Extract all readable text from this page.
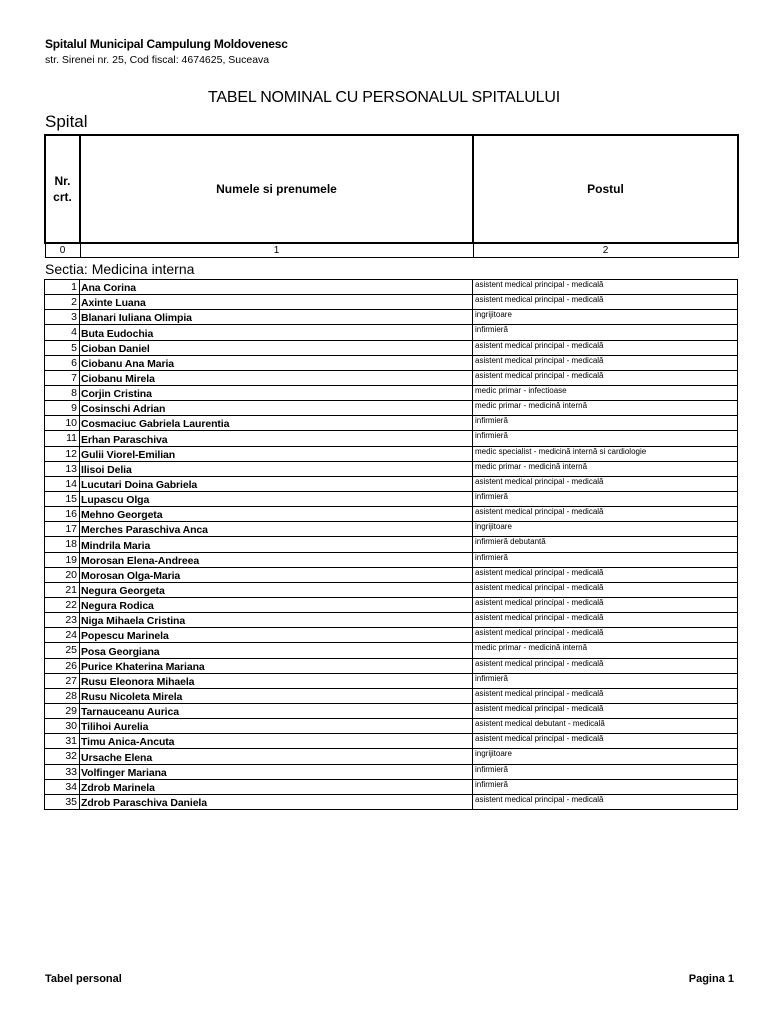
Spitalul Municipal Campulung Moldovenesc
str. Sirenei nr. 25, Cod fiscal: 4674625, Suceava
TABEL NOMINAL CU PERSONALUL SPITALULUI
Spital
Nr.
crt.	Numele si prenumele	Postul
0	1	2
Sectia: Medicina interna
1	Ana Corina	asistent medical principal - medicală
2	Axinte Luana	asistent medical principal - medicală
3	Blanari Iuliana Olimpia	ingrijitoare
4	Buta Eudochia	infirmieră
5	Cioban Daniel	asistent medical principal - medicală
6	Ciobanu Ana Maria	asistent medical principal - medicală
7	Ciobanu Mirela	asistent medical principal - medicală
8	Corjin Cristina	medic primar - infectioase
9	Cosinschi Adrian	medic primar - medicină internă
10	Cosmaciuc Gabriela Laurentia	infirmieră
11	Erhan Paraschiva	infirmieră
12	Gulii Viorel-Emilian	medic specialist - medicină internă si cardiologie
13	Ilisoi Delia	medic primar - medicină internă
14	Lucutari Doina Gabriela	asistent medical principal - medicală
15	Lupascu Olga	infirmieră
16	Mehno Georgeta	asistent medical principal - medicală
17	Merches Paraschiva Anca	ingrijitoare
18	Mindrila Maria	infirmieră debutantă
19	Morosan Elena-Andreea	infirmieră
20	Morosan Olga-Maria	asistent medical principal - medicală
21	Negura Georgeta	asistent medical principal - medicală
22	Negura Rodica	asistent medical principal - medicală
23	Niga Mihaela Cristina	asistent medical principal - medicală
24	Popescu Marinela	asistent medical principal - medicală
25	Posa Georgiana	medic primar - medicină internă
26	Purice Khaterina Mariana	asistent medical principal - medicală
27	Rusu Eleonora Mihaela	infirmieră
28	Rusu Nicoleta Mirela	asistent medical principal - medicală
29	Tarnauceanu Aurica	asistent medical principal - medicală
30	Tilihoi Aurelia	asistent medical debutant - medicală
31	Timu Anica-Ancuta	asistent medical principal - medicală
32	Ursache Elena	ingrijitoare
33	Volfinger Mariana	infirmieră
34	Zdrob Marinela	infirmieră
35	Zdrob Paraschiva Daniela	asistent medical principal - medicală
Tabel personal	Pagina 1
